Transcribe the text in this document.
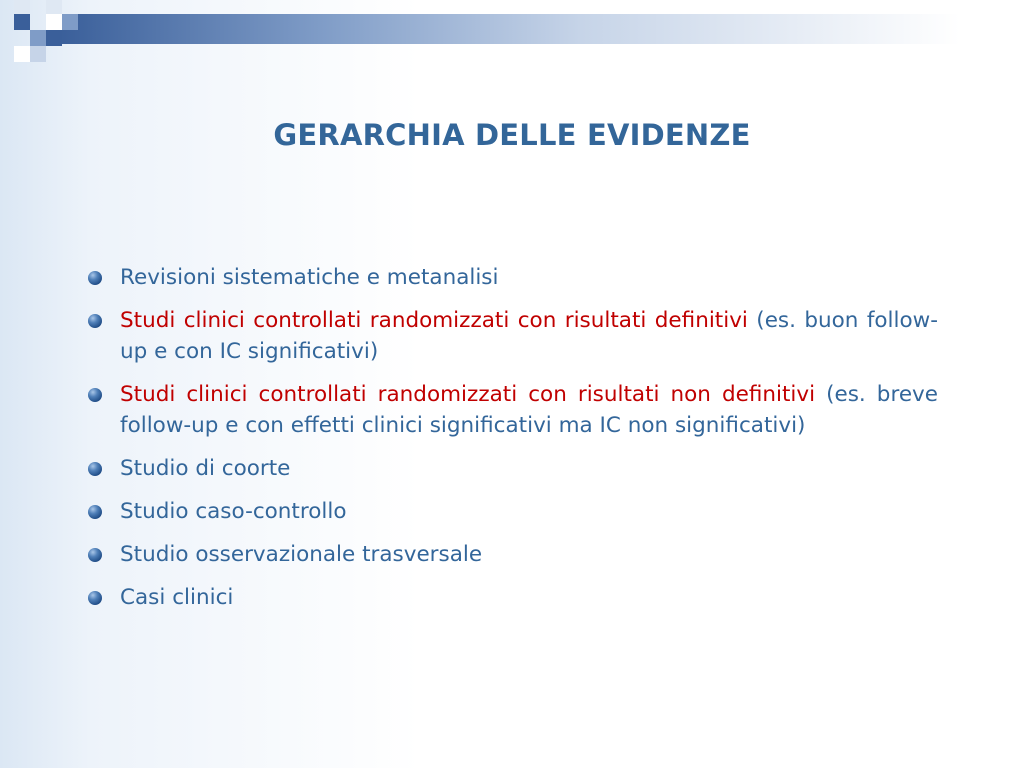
GERARCHIA DELLE EVIDENZE
Revisioni sistematiche e metanalisi
Studi clinici controllati randomizzati con risultati definitivi (es. buon follow-up e con IC significativi)
Studi clinici controllati randomizzati con risultati non definitivi (es. breve follow-up e con effetti clinici significativi ma IC non significativi)
Studio di coorte
Studio caso-controllo
Studio osservazionale trasversale
Casi clinici
